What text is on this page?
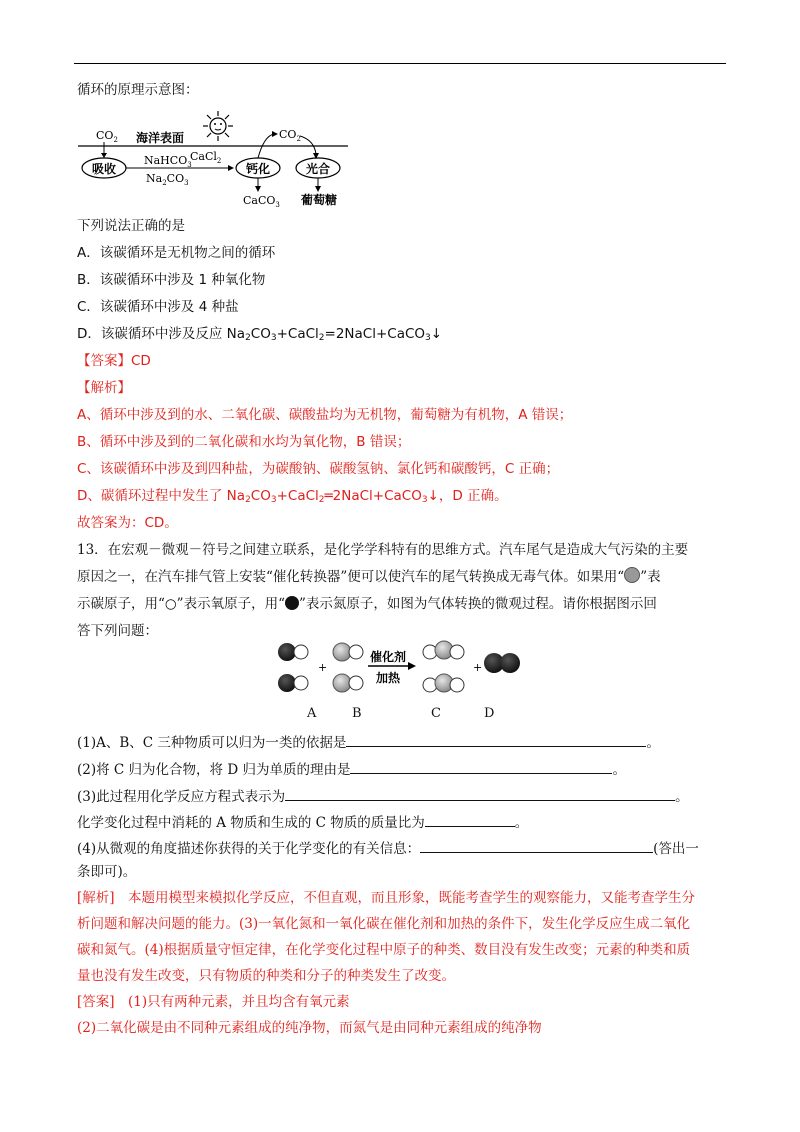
循环的原理示意图：
$CO_2$ 海洋表面
吸收
NaHCO$_3$
CaCl$_2$
$Na_2CO_3$
钙化
$CO_2$
CaCO$_3$
光合
葡萄糖
下列说法正确的是
A．该碳循环是无机物之间的循环
B．该碳循环中涉及 1 种氧化物
C．该碳循环中涉及 4 种盐
D．该碳循环中涉及反应 $Na_2CO_3+CaCl_2=2NaCl+CaCO_3↓$
【答案】CD
【解析】
A、循环中涉及到的水、二氧化碳、碳酸盐均为无机物，葡萄糖为有机物，A 错误；
B、循环中涉及到的二氧化碳和水均为氧化物，B 错误；
C、该碳循环中涉及到四种盐，为碳酸钠、碳酸氢钠、氯化钙和碳酸钙，C 正确；
D、碳循环过程中发生了 $Na_2CO_3+CaCl_2═2NaCl+CaCO_3↓$，D 正确。
故答案为：CD。
13．在宏观－微观－符号之间建立联系，是化学学科特有的思维方式。汽车尾气是造成大气污染的主要
原因之一，在汽车排气管上安装“催化转换器”便可以使汽车的尾气转换成无毒气体。如果用“ ”表
示碳原子，用“○”表示氧原子，用“ ”表示氮原子，如图为气体转换的微观过程。请你根据图示回
答下列问题：
+
催化剂
加热
+
A	B	C	D
(1)A、B、C 三种物质可以归为一类的依据是	。
(2)将 C 归为化合物，将 D 归为单质的理由是	。
(3)此过程用化学反应方程式表示为	。
化学变化过程中消耗的 A 物质和生成的 C 物质的质量比为	。
(4)从微观的角度描述你获得的关于化学变化的有关信息：	(答出一
条即可)。
[解析]　本题用模型来模拟化学反应，不但直观，而且形象，既能考查学生的观察能力，又能考查学生分
析问题和解决问题的能力。(3)一氧化氮和一氧化碳在催化剂和加热的条件下，发生化学反应生成二氧化
碳和氮气。(4)根据质量守恒定律，在化学变化过程中原子的种类、数目没有发生改变；元素的种类和质
量也没有发生改变，只有物质的种类和分子的种类发生了改变。
[答案]　(1)只有两种元素，并且均含有氧元素
(2)二氧化碳是由不同种元素组成的纯净物，而氮气是由同种元素组成的纯净物
